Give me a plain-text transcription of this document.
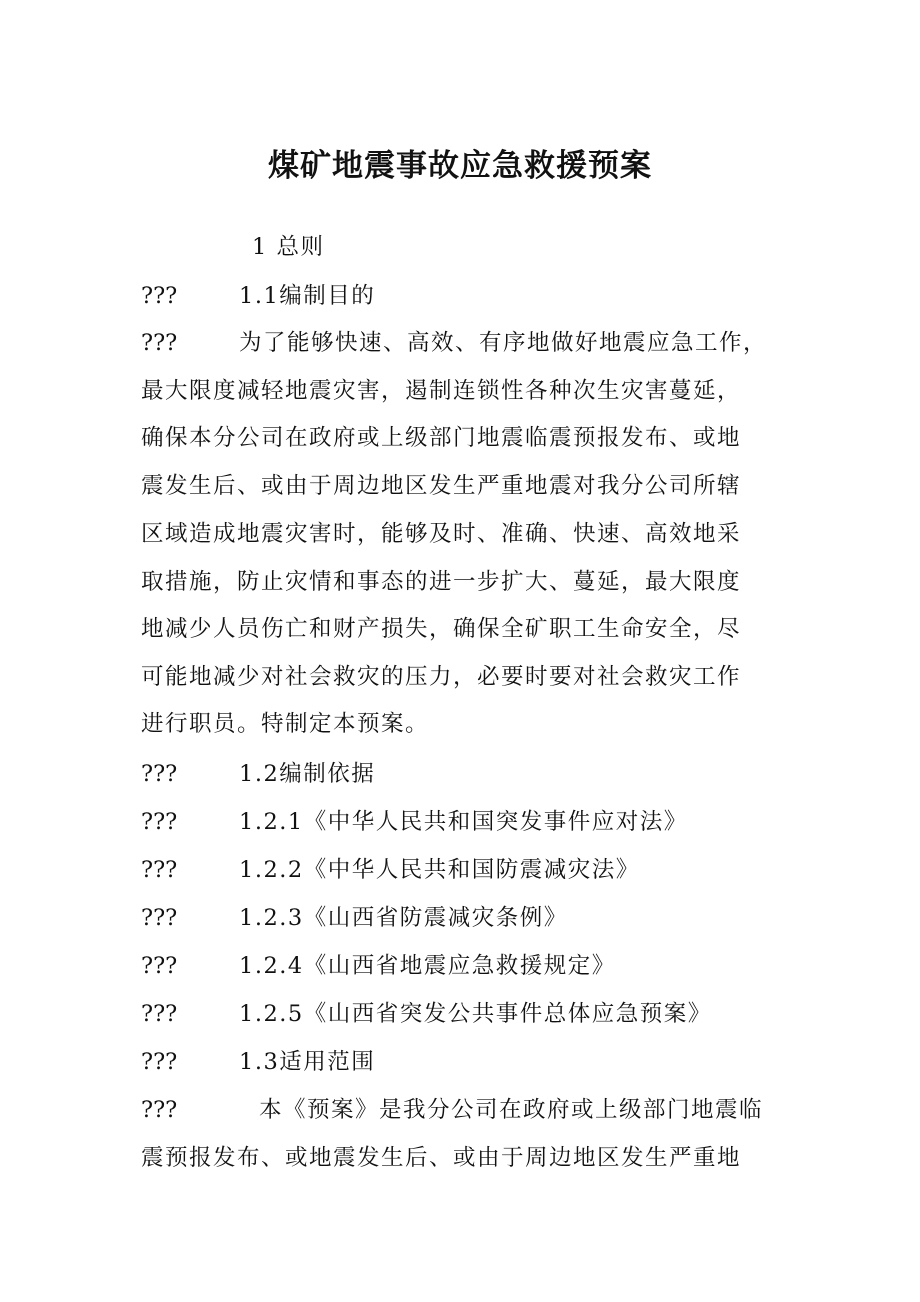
煤矿地震事故应急救援预案
1 总则
???	1.1编制目的
???	为了能够快速、高效、有序地做好地震应急工作，
最大限度减轻地震灾害，遏制连锁性各种次生灾害蔓延，
确保本分公司在政府或上级部门地震临震预报发布、或地
震发生后、或由于周边地区发生严重地震对我分公司所辖
区域造成地震灾害时，能够及时、准确、快速、高效地采
取措施，防止灾情和事态的进一步扩大、蔓延，最大限度
地减少人员伤亡和财产损失，确保全矿职工生命安全，尽
可能地减少对社会救灾的压力，必要时要对社会救灾工作
进行职员。特制定本预案。
???	1.2编制依据
???	1.2.1《中华人民共和国突发事件应对法》
???	1.2.2《中华人民共和国防震减灾法》
???	1.2.3《山西省防震减灾条例》
???	1.2.4《山西省地震应急救援规定》
???	1.2.5《山西省突发公共事件总体应急预案》
???	1.3适用范围
???	本《预案》是我分公司在政府或上级部门地震临
震预报发布、或地震发生后、或由于周边地区发生严重地
